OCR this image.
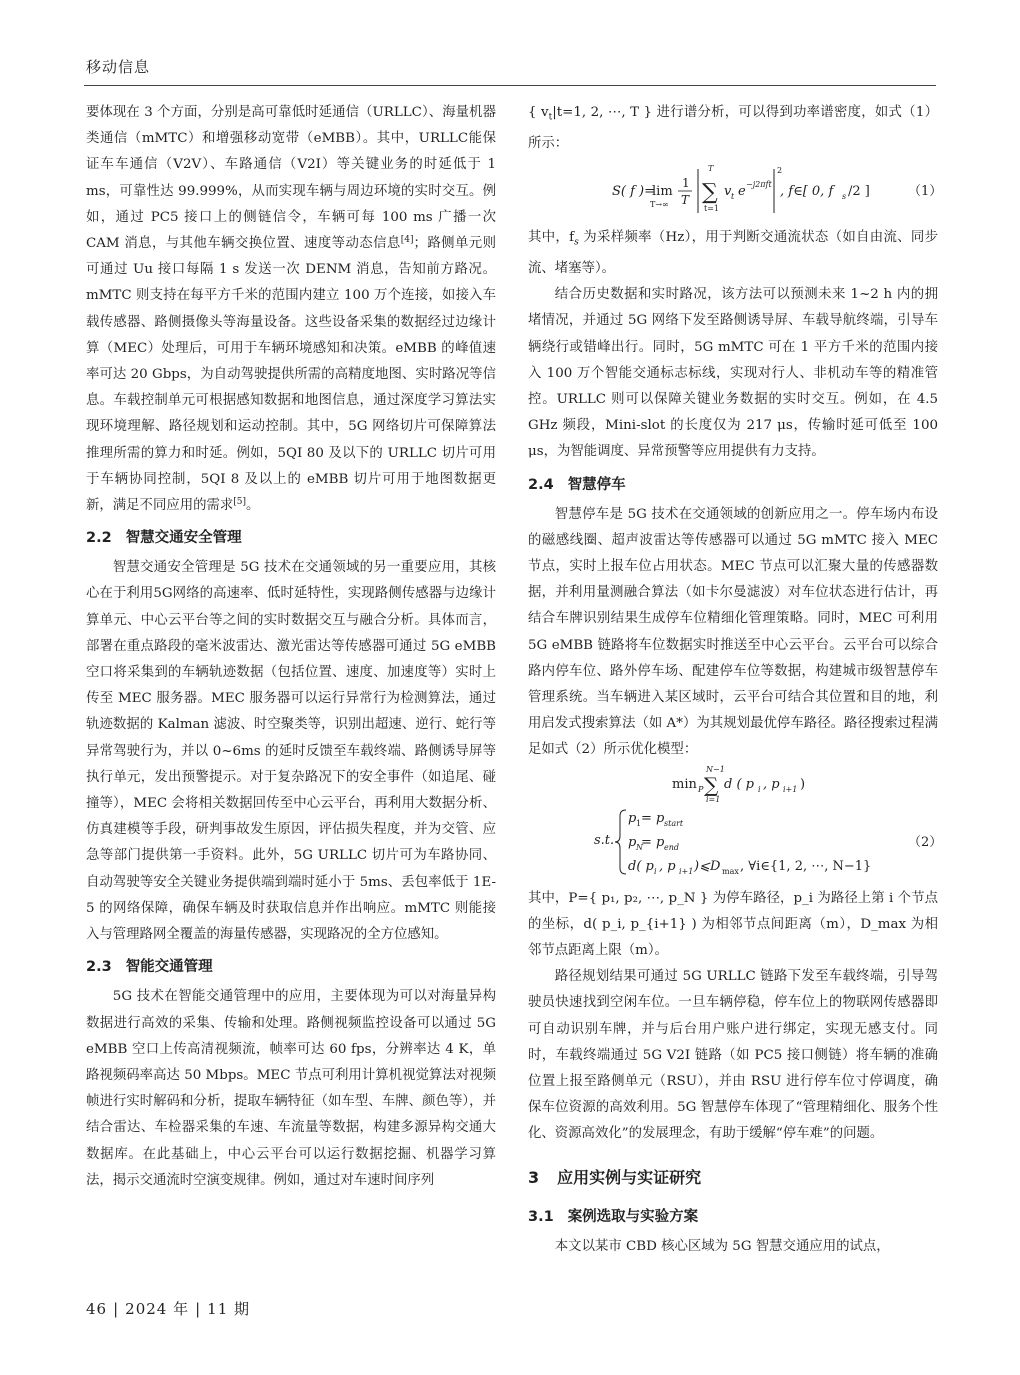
移动信息

要体现在 3 个方面，分别是高可靠低时延通信（URLLC）、海量机器类通信（mMTC）和增强移动宽带（eMBB）。其中，URLLC能保证车车通信（V2V）、车路通信（V2I）等关键业务的时延低于 1 ms，可靠性达 99.999%，从而实现车辆与周边环境的实时交互。例如，通过 PC5 接口上的侧链信令，车辆可每 100 ms 广播一次 CAM 消息，与其他车辆交换位置、速度等动态信息[4]；路侧单元则可通过 Uu 接口每隔 1 s 发送一次 DENM 消息，告知前方路况。mMTC 则支持在每平方千米的范围内建立 100 万个连接，如接入车载传感器、路侧摄像头等海量设备。这些设备采集的数据经过边缘计算（MEC）处理后，可用于车辆环境感知和决策。eMBB 的峰值速率可达 20 Gbps，为自动驾驶提供所需的高精度地图、实时路况等信息。车载控制单元可根据感知数据和地图信息，通过深度学习算法实现环境理解、路径规划和运动控制。其中，5G 网络切片可保障算法推理所需的算力和时延。例如，5QI 80 及以下的 URLLC 切片可用于车辆协同控制，5QI 8 及以上的 eMBB 切片可用于地图数据更新，满足不同应用的需求[5]。

2.2 智慧交通安全管理

智慧交通安全管理是 5G 技术在交通领域的另一重要应用，其核心在于利用5G网络的高速率、低时延特性，实现路侧传感器与边缘计算单元、中心云平台等之间的实时数据交互与融合分析。具体而言，部署在重点路段的毫米波雷达、激光雷达等传感器可通过 5G eMBB 空口将采集到的车辆轨迹数据（包括位置、速度、加速度等）实时上传至 MEC 服务器。MEC 服务器可以运行异常行为检测算法，通过轨迹数据的 Kalman 滤波、时空聚类等，识别出超速、逆行、蛇行等异常驾驶行为，并以 0~6ms 的延时反馈至车载终端、路侧诱导屏等执行单元，发出预警提示。对于复杂路况下的安全事件（如追尾、碰撞等），MEC 会将相关数据回传至中心云平台，再利用大数据分析、仿真建模等手段，研判事故发生原因，评估损失程度，并为交管、应急等部门提供第一手资料。此外，5G URLLC 切片可为车路协同、自动驾驶等安全关键业务提供端到端时延小于 5ms、丢包率低于 1E-5 的网络保障，确保车辆及时获取信息并作出响应。mMTC 则能接入与管理路网全覆盖的海量传感器，实现路况的全方位感知。

2.3 智能交通管理

5G 技术在智能交通管理中的应用，主要体现为可以对海量异构数据进行高效的采集、传输和处理。路侧视频监控设备可以通过 5G eMBB 空口上传高清视频流，帧率可达 60 fps，分辨率达 4 K，单路视频码率高达 50 Mbps。MEC 节点可利用计算机视觉算法对视频帧进行实时解码和分析，提取车辆特征（如车型、车牌、颜色等），并结合雷达、车检器采集的车速、车流量等数据，构建多源异构交通大数据库。在此基础上，中心云平台可以运行数据挖掘、机器学习算法，揭示交通流时空演变规律。例如，通过对车速时间序列

{ $v_t|t=1$, 2, ⋯, T } 进行谱分析，可以得到功率谱密度，如式（1）所示：

S( f )=
lim
T→∞
1
T
T
∑
t=1
v t e −j2πft
2
, f∈[ 0, f s /2 ]	（1）

其中，$f_s$ 为采样频率（Hz），用于判断交通流状态（如自由流、同步流、堵塞等）。

结合历史数据和实时路况，该方法可以预测未来 1~2 h 内的拥堵情况，并通过 5G 网络下发至路侧诱导屏、车载导航终端，引导车辆绕行或错峰出行。同时，5G mMTC 可在 1 平方千米的范围内接入 100 万个智能交通标志标线，实现对行人、非机动车等的精准管控。URLLC 则可以保障关键业务数据的实时交互。例如，在 4.5 GHz 频段，Mini-slot 的长度仅为 217 μs，传输时延可低至 100 μs，为智能调度、异常预警等应用提供有力支持。

2.4 智慧停车

智慧停车是 5G 技术在交通领域的创新应用之一。停车场内布设的磁感线圈、超声波雷达等传感器可以通过 5G mMTC 接入 MEC 节点，实时上报车位占用状态。MEC 节点可以汇聚大量的传感器数据，并利用量测融合算法（如卡尔曼滤波）对车位状态进行估计，再结合车牌识别结果生成停车位精细化管理策略。同时，MEC 可利用 5G eMBB 链路将车位数据实时推送至中心云平台。云平台可以综合路内停车位、路外停车场、配建停车位等数据，构建城市级智慧停车管理系统。当车辆进入某区域时，云平台可结合其位置和目的地，利用启发式搜索算法（如 A*）为其规划最优停车路径。路径搜索过程满足如式（2）所示优化模型：

min P
N−1
∑
i=1
d ( p i , p i+1 )
s.t.
p 1 = p start
p N
= p end
d( p i , p i+1 )⩽D max , ∀i∈{1, 2, ⋯, N−1}
（2）

其中，P={ p₁, p₂, ⋯, p_N } 为停车路径，p_i 为路径上第 i 个节点的坐标，d( p_i, p_{i+1} ) 为相邻节点间距离（m），D_max 为相邻节点距离上限（m）。

路径规划结果可通过 5G URLLC 链路下发至车载终端，引导驾驶员快速找到空闲车位。一旦车辆停稳，停车位上的物联网传感器即可自动识别车牌，并与后台用户账户进行绑定，实现无感支付。同时，车载终端通过 5G V2I 链路（如 PC5 接口侧链）将车辆的准确位置上报至路侧单元（RSU），并由 RSU 进行停车位寸停调度，确保车位资源的高效利用。5G 智慧停车体现了“管理精细化、服务个性化、资源高效化”的发展理念，有助于缓解“停车难”的问题。

3 应用实例与实证研究
3.1 案例选取与实验方案

本文以某市 CBD 核心区域为 5G 智慧交通应用的试点，

46 | 2024 年 | 11 期
